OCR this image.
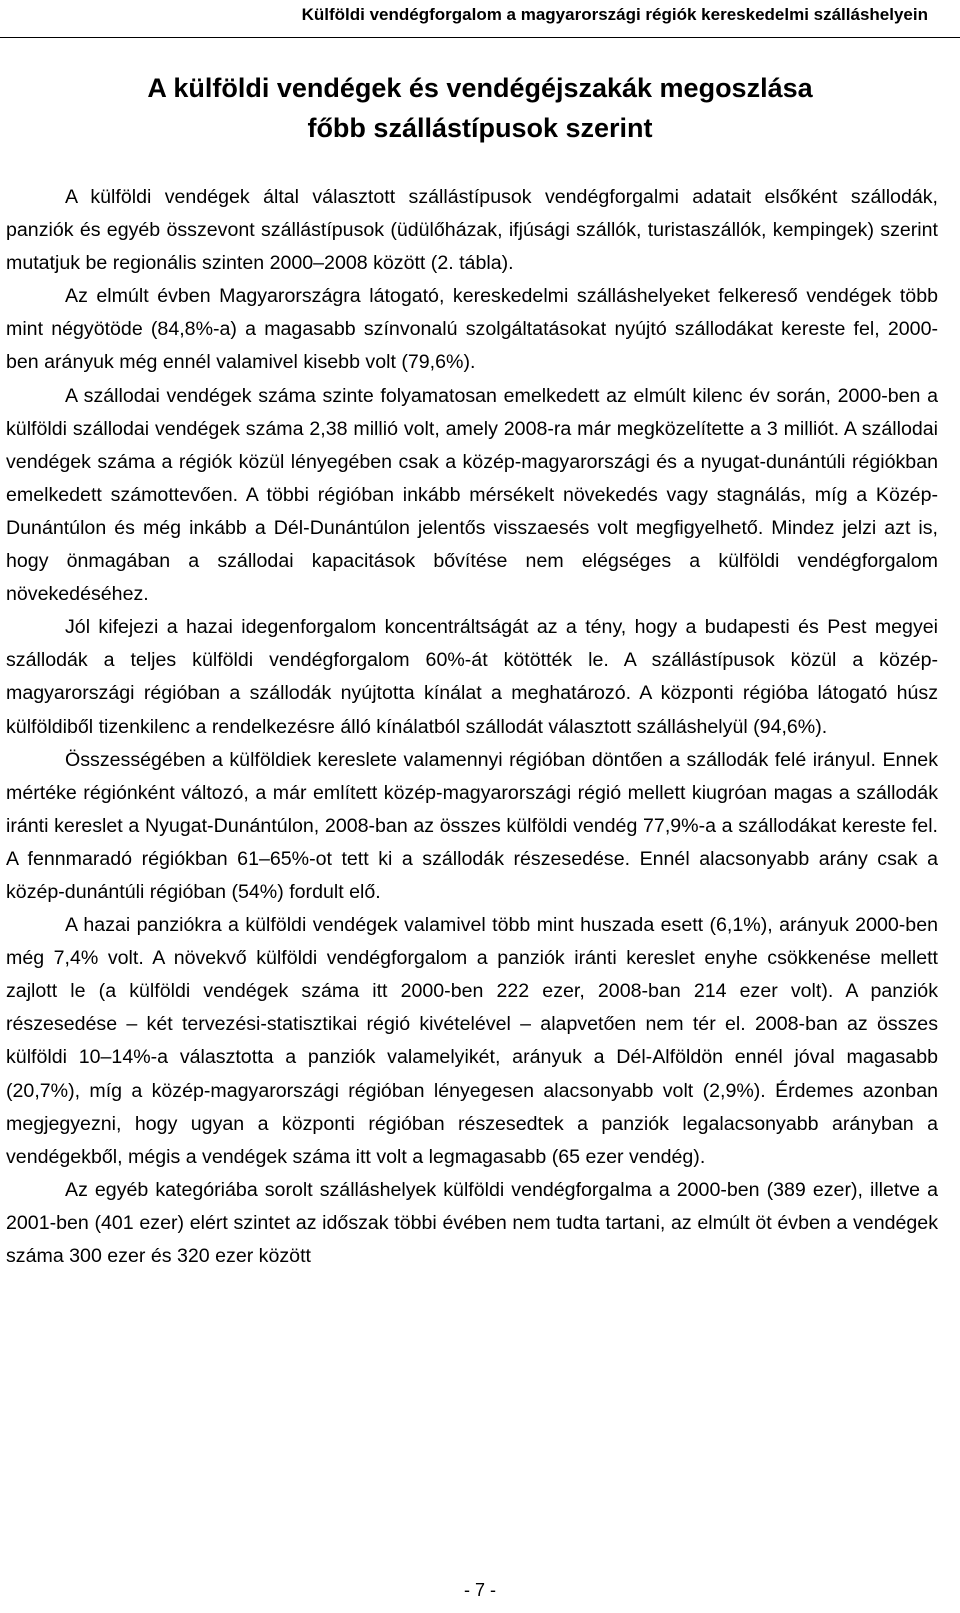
Külföldi vendégforgalom a magyarországi régiók kereskedelmi szálláshelyein
A külföldi vendégek és vendégéjszakák megoszlása
főbb szállástípusok szerint

A külföldi vendégek által választott szállástípusok vendégforgalmi adatait elsőként szállodák, panziók és egyéb összevont szállástípusok (üdülőházak, ifjúsági szállók, turistaszállók, kempingek) szerint mutatjuk be regionális szinten 2000–2008 között (2. tábla).

Az elmúlt évben Magyarországra látogató, kereskedelmi szálláshelyeket felkereső vendégek több mint négyötöde (84,8%-a) a magasabb színvonalú szolgáltatásokat nyújtó szállodákat kereste fel, 2000-ben arányuk még ennél valamivel kisebb volt (79,6%).

A szállodai vendégek száma szinte folyamatosan emelkedett az elmúlt kilenc év során, 2000-ben a külföldi szállodai vendégek száma 2,38 millió volt, amely 2008-ra már megközelítette a 3 milliót. A szállodai vendégek száma a régiók közül lényegében csak a közép-magyarországi és a nyugat-dunántúli régiókban emelkedett számottevően. A többi régióban inkább mérsékelt növekedés vagy stagnálás, míg a Közép-Dunántúlon és még inkább a Dél-Dunántúlon jelentős visszaesés volt megfigyelhető. Mindez jelzi azt is, hogy önmagában a szállodai kapacitások bővítése nem elégséges a külföldi vendégforgalom növekedéséhez.

Jól kifejezi a hazai idegenforgalom koncentráltságát az a tény, hogy a budapesti és Pest megyei szállodák a teljes külföldi vendégforgalom 60%-át kötötték le. A szállástípusok közül a közép-magyarországi régióban a szállodák nyújtotta kínálat a meghatározó. A központi régióba látogató húsz külföldiből tizenkilenc a rendelkezésre álló kínálatból szállodát választott szálláshelyül (94,6%).

Összességében a külföldiek kereslete valamennyi régióban döntően a szállodák felé irányul. Ennek mértéke régiónként változó, a már említett közép-magyarországi régió mellett kiugróan magas a szállodák iránti kereslet a Nyugat-Dunántúlon, 2008-ban az összes külföldi vendég 77,9%-a a szállodákat kereste fel. A fennmaradó régiókban 61–65%-ot tett ki a szállodák részesedése. Ennél alacsonyabb arány csak a közép-dunántúli régióban (54%) fordult elő.

A hazai panziókra a külföldi vendégek valamivel több mint huszada esett (6,1%), arányuk 2000-ben még 7,4% volt. A növekvő külföldi vendégforgalom a panziók iránti kereslet enyhe csökkenése mellett zajlott le (a külföldi vendégek száma itt 2000-ben 222 ezer, 2008-ban 214 ezer volt). A panziók részesedése – két tervezési-statisztikai régió kivételével – alapvetően nem tér el. 2008-ban az összes külföldi 10–14%-a választotta a panziók valamelyikét, arányuk a Dél-Alföldön ennél jóval magasabb (20,7%), míg a közép-magyarországi régióban lényegesen alacsonyabb volt (2,9%). Érdemes azonban megjegyezni, hogy ugyan a központi régióban részesedtek a panziók legalacsonyabb arányban a vendégekből, mégis a vendégek száma itt volt a legmagasabb (65 ezer vendég).

Az egyéb kategóriába sorolt szálláshelyek külföldi vendégforgalma a 2000-ben (389 ezer), illetve a 2001-ben (401 ezer) elért szintet az időszak többi évében nem tudta tartani, az elmúlt öt évben a vendégek száma 300 ezer és 320 ezer között

- 7 -
